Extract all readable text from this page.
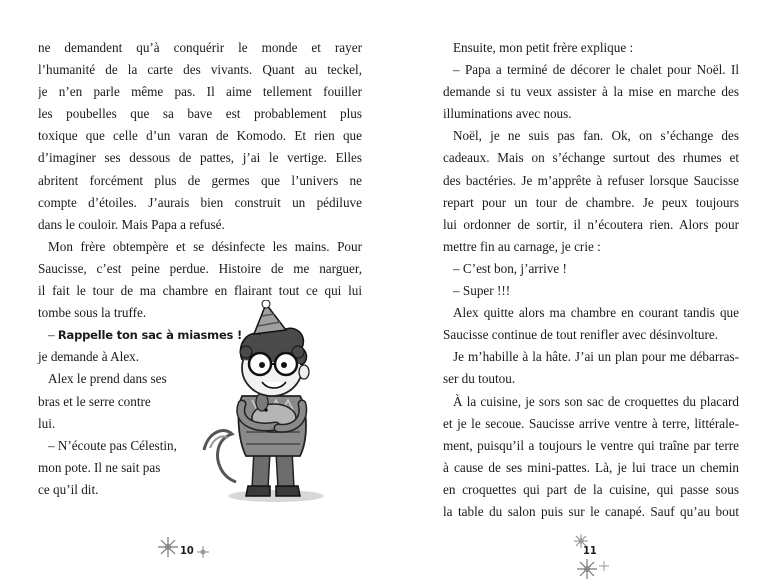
ne demandent qu’à conquérir le monde et rayer
l’humanité de la carte des vivants. Quant au teckel,
je n’en parle même pas. Il aime tellement fouiller
les poubelles que sa bave est probablement plus
toxique que celle d’un varan de Komodo. Et rien que
d’imaginer ses dessous de pattes, j’ai le vertige. Elles
abritent forcément plus de germes que l’univers ne
compte d’étoiles. J’aurais bien construit un pédiluve
dans le couloir. Mais Papa a refusé.
Mon frère obtempère et se désinfecte les mains. Pour
Saucisse, c’est peine perdue. Histoire de me narguer,
il fait le tour de ma chambre en flairant tout ce qui lui
tombe sous la truffe.
– Rappelle ton sac à miasmes !
je demande à Alex.
Alex le prend dans ses
bras et le serre contre
lui.
– N’écoute pas Célestin,
mon pote. Il ne sait pas
ce qu’il dit.
10
Ensuite, mon petit frère explique :
– Papa a terminé de décorer le chalet pour Noël. Il
demande si tu veux assister à la mise en marche des
illuminations avec nous.
Noël, je ne suis pas fan. Ok, on s’échange des
cadeaux. Mais on s’échange surtout des rhumes et
des bactéries. Je m’apprête à refuser lorsque Saucisse
repart pour un tour de chambre. Je peux toujours
lui ordonner de sortir, il n’écoutera rien. Alors pour
mettre fin au carnage, je crie :
– C’est bon, j’arrive !
– Super !!!
Alex quitte alors ma chambre en courant tandis que
Saucisse continue de tout renifler avec désinvolture.
Je m’habille à la hâte. J’ai un plan pour me débarras-
ser du toutou.
À la cuisine, je sors son sac de croquettes du placard
et je le secoue. Saucisse arrive ventre à terre, littérale-
ment, puisqu’il a toujours le ventre qui traîne par terre
à cause de ses mini-pattes. Là, je lui trace un chemin
en croquettes qui part de la cuisine, qui passe sous
la table du salon puis sur le canapé. Sauf qu’au bout
11
